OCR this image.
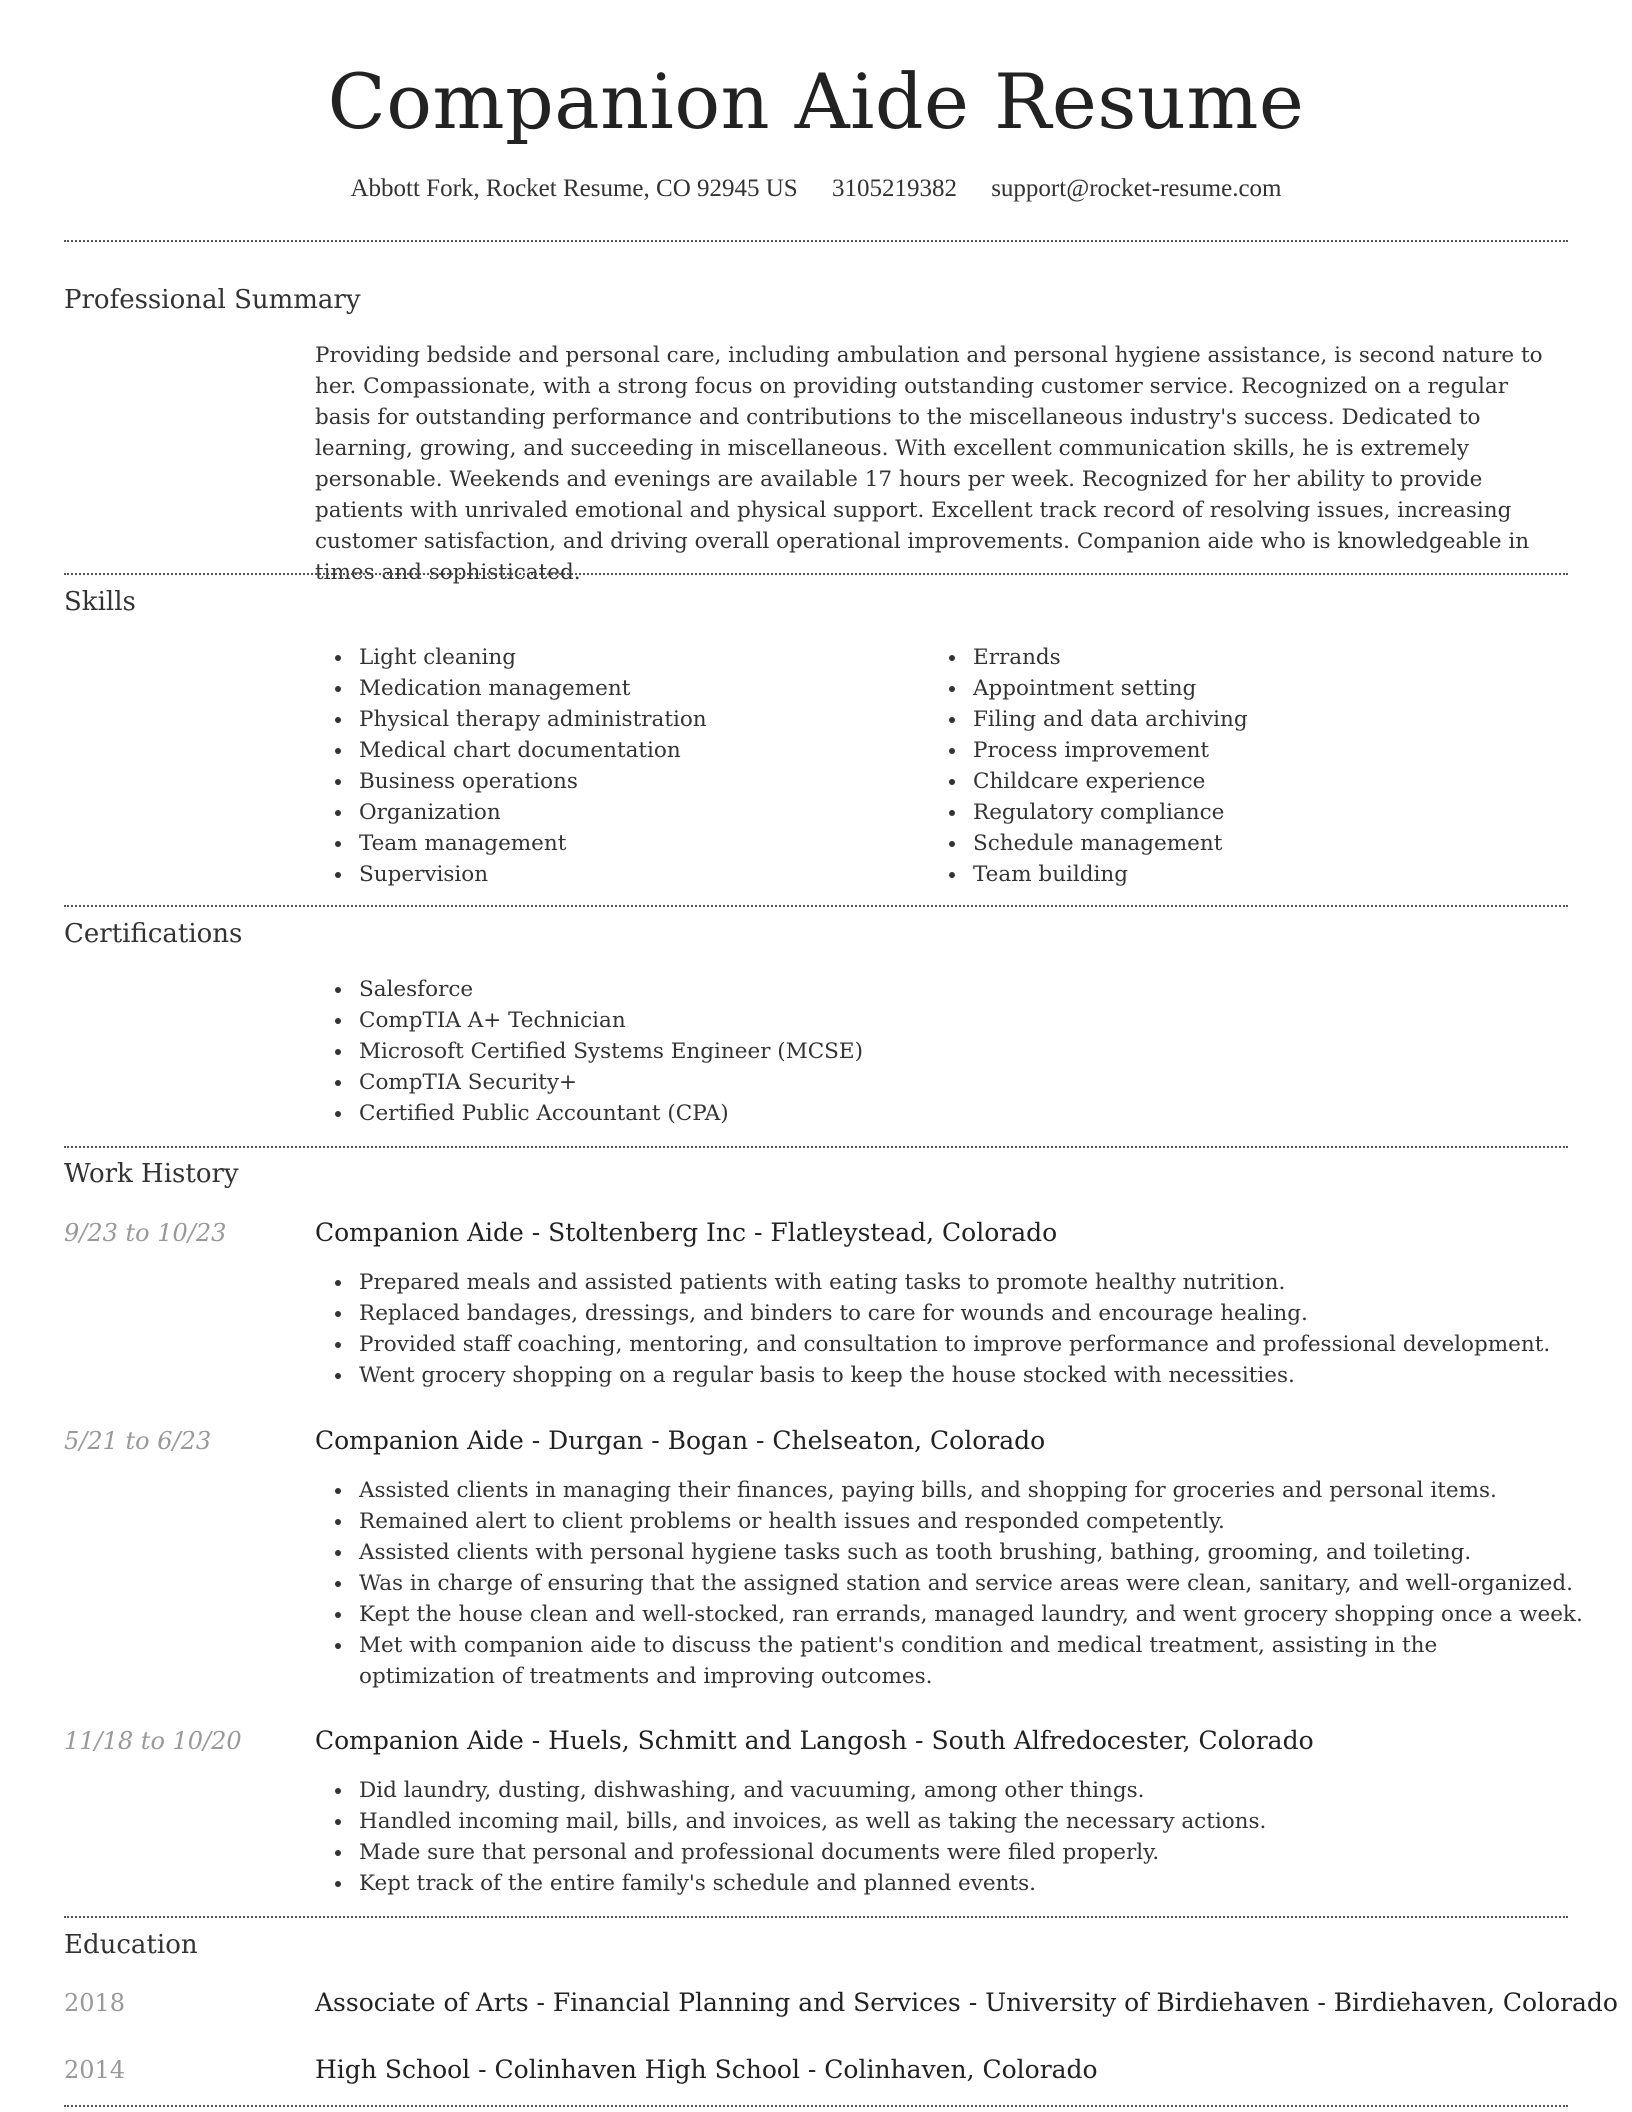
Companion Aide Resume
Abbott Fork, Rocket Resume, CO 92945 US 3105219382 support@rocket-resume.com
Professional Summary
Providing bedside and personal care, including ambulation and personal hygiene assistance, is second nature to her. Compassionate, with a strong focus on providing outstanding customer service. Recognized on a regular basis for outstanding performance and contributions to the miscellaneous industry's success. Dedicated to learning, growing, and succeeding in miscellaneous. With excellent communication skills, he is extremely personable. Weekends and evenings are available 17 hours per week. Recognized for her ability to provide patients with unrivaled emotional and physical support. Excellent track record of resolving issues, increasing customer satisfaction, and driving overall operational improvements. Companion aide who is knowledgeable in times and sophisticated.
Skills
Light cleaning
Medication management
Physical therapy administration
Medical chart documentation
Business operations
Organization
Team management
Supervision
Errands
Appointment setting
Filing and data archiving
Process improvement
Childcare experience
Regulatory compliance
Schedule management
Team building
Certifications
Salesforce
CompTIA A+ Technician
Microsoft Certified Systems Engineer (MCSE)
CompTIA Security+
Certified Public Accountant (CPA)
Work History
9/23 to 10/23	Companion Aide - Stoltenberg Inc - Flatleystead, Colorado
Prepared meals and assisted patients with eating tasks to promote healthy nutrition.
Replaced bandages, dressings, and binders to care for wounds and encourage healing.
Provided staff coaching, mentoring, and consultation to improve performance and professional development.
Went grocery shopping on a regular basis to keep the house stocked with necessities.
5/21 to 6/23	Companion Aide - Durgan - Bogan - Chelseaton, Colorado
Assisted clients in managing their finances, paying bills, and shopping for groceries and personal items.
Remained alert to client problems or health issues and responded competently.
Assisted clients with personal hygiene tasks such as tooth brushing, bathing, grooming, and toileting.
Was in charge of ensuring that the assigned station and service areas were clean, sanitary, and well-organized.
Kept the house clean and well-stocked, ran errands, managed laundry, and went grocery shopping once a week.
Met with companion aide to discuss the patient's condition and medical treatment, assisting in the optimization of treatments and improving outcomes.
11/18 to 10/20	Companion Aide - Huels, Schmitt and Langosh - South Alfredocester, Colorado
Did laundry, dusting, dishwashing, and vacuuming, among other things.
Handled incoming mail, bills, and invoices, as well as taking the necessary actions.
Made sure that personal and professional documents were filed properly.
Kept track of the entire family's schedule and planned events.
Education
2018	Associate of Arts - Financial Planning and Services - University of Birdiehaven - Birdiehaven, Colorado
2014	High School - Colinhaven High School - Colinhaven, Colorado
